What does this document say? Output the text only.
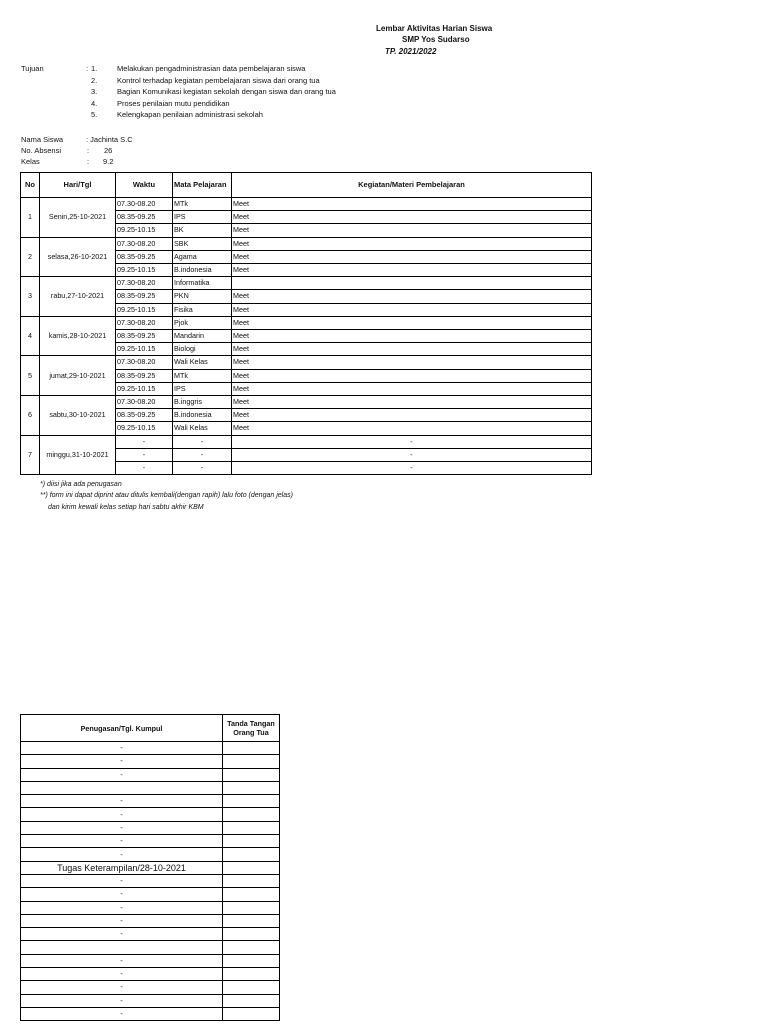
Lembar Aktivitas Harian Siswa
SMP Yos Sudarso
TP. 2021/2022
Tujuan	: 1.	Melakukan pengadministrasian data pembelajaran siswa
2.	Kontrol terhadap kegiatan pembelajaran siswa dari orang tua
3.	Bagian Komunikasi kegiatan sekolah dengan siswa dan orang tua
4.	Proses penilaian mutu pendidikan
5.	Kelengkapan penilaian administrasi sekolah
Nama Siswa	: Jachinta S.C
No. Absensi	: 26
Kelas	: 9.2
No	Hari/Tgl	Waktu	Mata Pelajaran	Kegiatan/Materi Pembelajaran
1	Senin,25-10-2021	07.30-08.20	MTk	Meet
		08.35-09.25	IPS	Meet
		09.25-10.15	BK	Meet
2	selasa,26-10-2021	07.30-08.20	SBK	Meet
		08.35-09.25	Agama	Meet
		09.25-10.15	B.indonesia	Meet
3	rabu,27-10-2021	07.30-08.20	Informatika	
		08.35-09.25	PKN	Meet
		09.25-10.15	Fisika	Meet
4	kamis,28-10-2021	07.30-08.20	Pjok	Meet
		08.35-09.25	Mandarin	Meet
		09.25-10.15	Biologi	Meet
5	jumat,29-10-2021	07.30-08.20	Wali Kelas	Meet
		08.35-09.25	MTk	Meet
		09.25-10.15	IPS	Meet
6	sabtu,30-10-2021	07.30-08.20	B.inggris	Meet
		08.35-09.25	B.indonesia	Meet
		09.25-10.15	Wali Kelas	Meet
7	minggu,31-10-2021	-	-	-
		-	-	-
		-	-	-
*) diisi jika ada penugasan
**) form ini dapat diprint atau ditulis kembali(dengan rapih) lalu foto (dengan jelas)
dan kirim kewali kelas setiap hari sabtu akhir KBM
Penugasan/Tgl. Kumpul	Tanda Tangan
Orang Tua
-	
-	
-	

-	
-	
-	
-	
-	
Tugas Keterampilan/28-10-2021	
-	
-	
-	
-	
-	

-	
-	
-	
-	
-	
